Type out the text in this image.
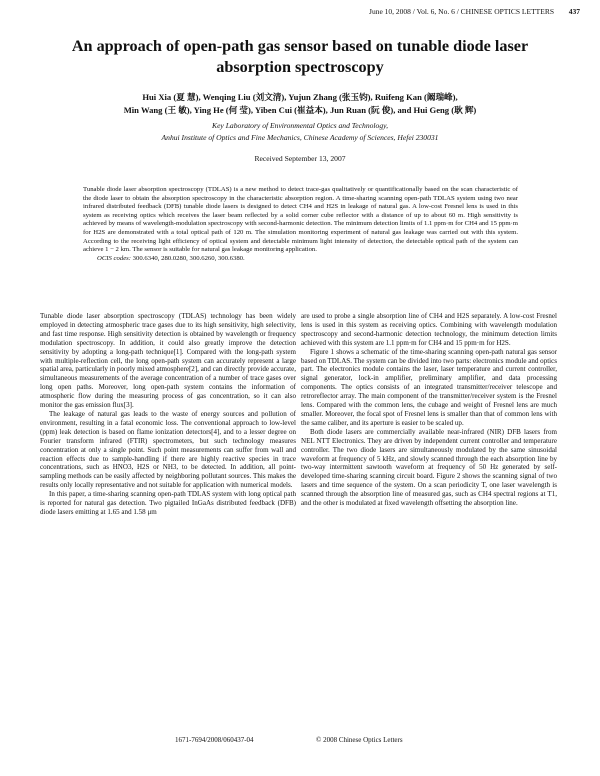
June 10, 2008 / Vol. 6, No. 6 / CHINESE OPTICS LETTERS 437
An approach of open-path gas sensor based on tunable diode laser absorption spectroscopy
Hui Xia (夏 慧), Wenqing Liu (刘文清), Yujun Zhang (张玉钧), Ruifeng Kan (阚瑞峰),
Min Wang (王 敏), Ying He (何 莹), Yiben Cui (崔益本), Jun Ruan (阮 俊), and Hui Geng (耿 辉)
Key Laboratory of Environmental Optics and Technology,
Anhui Institute of Optics and Fine Mechanics, Chinese Academy of Sciences, Hefei 230031
Received September 13, 2007

Tunable diode laser absorption spectroscopy (TDLAS) is a new method to detect trace-gas qualitatively or quantificationally based on the scan characteristic of the diode laser to obtain the absorption spectroscopy in the characteristic absorption region. A time-sharing scanning open-path TDLAS system using two near infrared distributed feedback (DFB) tunable diode lasers is designed to detect CH4 and H2S in leakage of natural gas. A low-cost Fresnel lens is used in this system as receiving optics which receives the laser beam reflected by a solid corner cube reflector with a distance of up to about 60 m. High sensitivity is achieved by means of wavelength-modulation spectroscopy with second-harmonic detection. The minimum detection limits of 1.1 ppm·m for CH4 and 15 ppm·m for H2S are demonstrated with a total optical path of 120 m. The simulation monitoring experiment of natural gas leakage was carried out with this system. According to the receiving light efficiency of optical system and detectable minimum light intensity of detection, the detectable optical path of the system can achieve 1 − 2 km. The sensor is suitable for natural gas leakage monitoring application.

OCIS codes: 300.6340, 280.0280, 300.6260, 300.6380.

Tunable diode laser absorption spectroscopy (TDLAS) technology has been widely employed in detecting atmospheric trace gases due to its high sensitivity, high selectivity, and fast time response. High sensitivity detection is obtained by wavelength or frequency modulation spectroscopy. In addition, it could also greatly improve the detection sensitivity by adopting a long-path technique[1]. Compared with the long-path system with multiple-reflection cell, the long open-path system can accurately represent a large spatial area, particularly in poorly mixed atmosphere[2], and can directly provide accurate, simultaneous measurements of the average concentration of a number of trace gases over long open paths. Moreover, long open-path system contains the information of atmospheric flow during the measuring process of gas concentration, so it can also monitor the gas emission flux[3].

The leakage of natural gas leads to the waste of energy sources and pollution of environment, resulting in a fatal economic loss. The conventional approach to low-level (ppm) leak detection is based on flame ionization detectors[4], and to a lesser degree on Fourier transform infrared (FTIR) spectrometers, but such technology measures concentration at only a single point. Such point measurements can suffer from wall and reaction effects due to sample-handling if there are highly reactive species in trace concentrations, such as HNO3, H2S or NH3, to be detected. In addition, all point-sampling methods can be easily affected by neighboring pollutant sources. This makes the results only locally representative and not suitable for application with numerical models.

In this paper, a time-sharing scanning open-path TDLAS system with long optical path is reported for natural gas detection. Two pigtailed InGaAs distributed feedback (DFB) diode lasers emitting at 1.65 and 1.58 μm

are used to probe a single absorption line of CH4 and H2S separately. A low-cost Fresnel lens is used in this system as receiving optics. Combining with wavelength modulation spectroscopy and second-harmonic detection technology, the minimum detection limits achieved with this system are 1.1 ppm·m for CH4 and 15 ppm·m for H2S.

Figure 1 shows a schematic of the time-sharing scanning open-path natural gas sensor based on TDLAS. The system can be divided into two parts: electronics module and optics part. The electronics module contains the laser, laser temperature and current controller, signal generator, lock-in amplifier, preliminary amplifier, and data processing components. The optics consists of an integrated transmitter/receiver telescope and retroreflector array. The main component of the transmitter/receiver system is the Fresnel lens. Compared with the common lens, the cubage and weight of Fresnel lens are much smaller. Moreover, the focal spot of Fresnel lens is smaller than that of common lens with the same caliber, and its aperture is easier to be scaled up.

Both diode lasers are commercially available near-infrared (NIR) DFB lasers from NEL NTT Electronics. They are driven by independent current controller and temperature controller. The two diode lasers are simultaneously modulated by the same sinusoidal waveform at frequency of 5 kHz, and slowly scanned through the each absorption line by two-way intermittent sawtooth waveform at frequency of 50 Hz generated by self-developed time-sharing scanning circuit board. Figure 2 shows the scanning signal of two lasers and time sequence of the system. On a scan periodicity T, one laser wavelength is scanned through the absorption line of measured gas, such as CH4 spectral regions at T1, and the other is modulated at fixed wavelength offsetting the absorption line.

1671-7694/2008/060437-04	© 2008 Chinese Optics Letters
